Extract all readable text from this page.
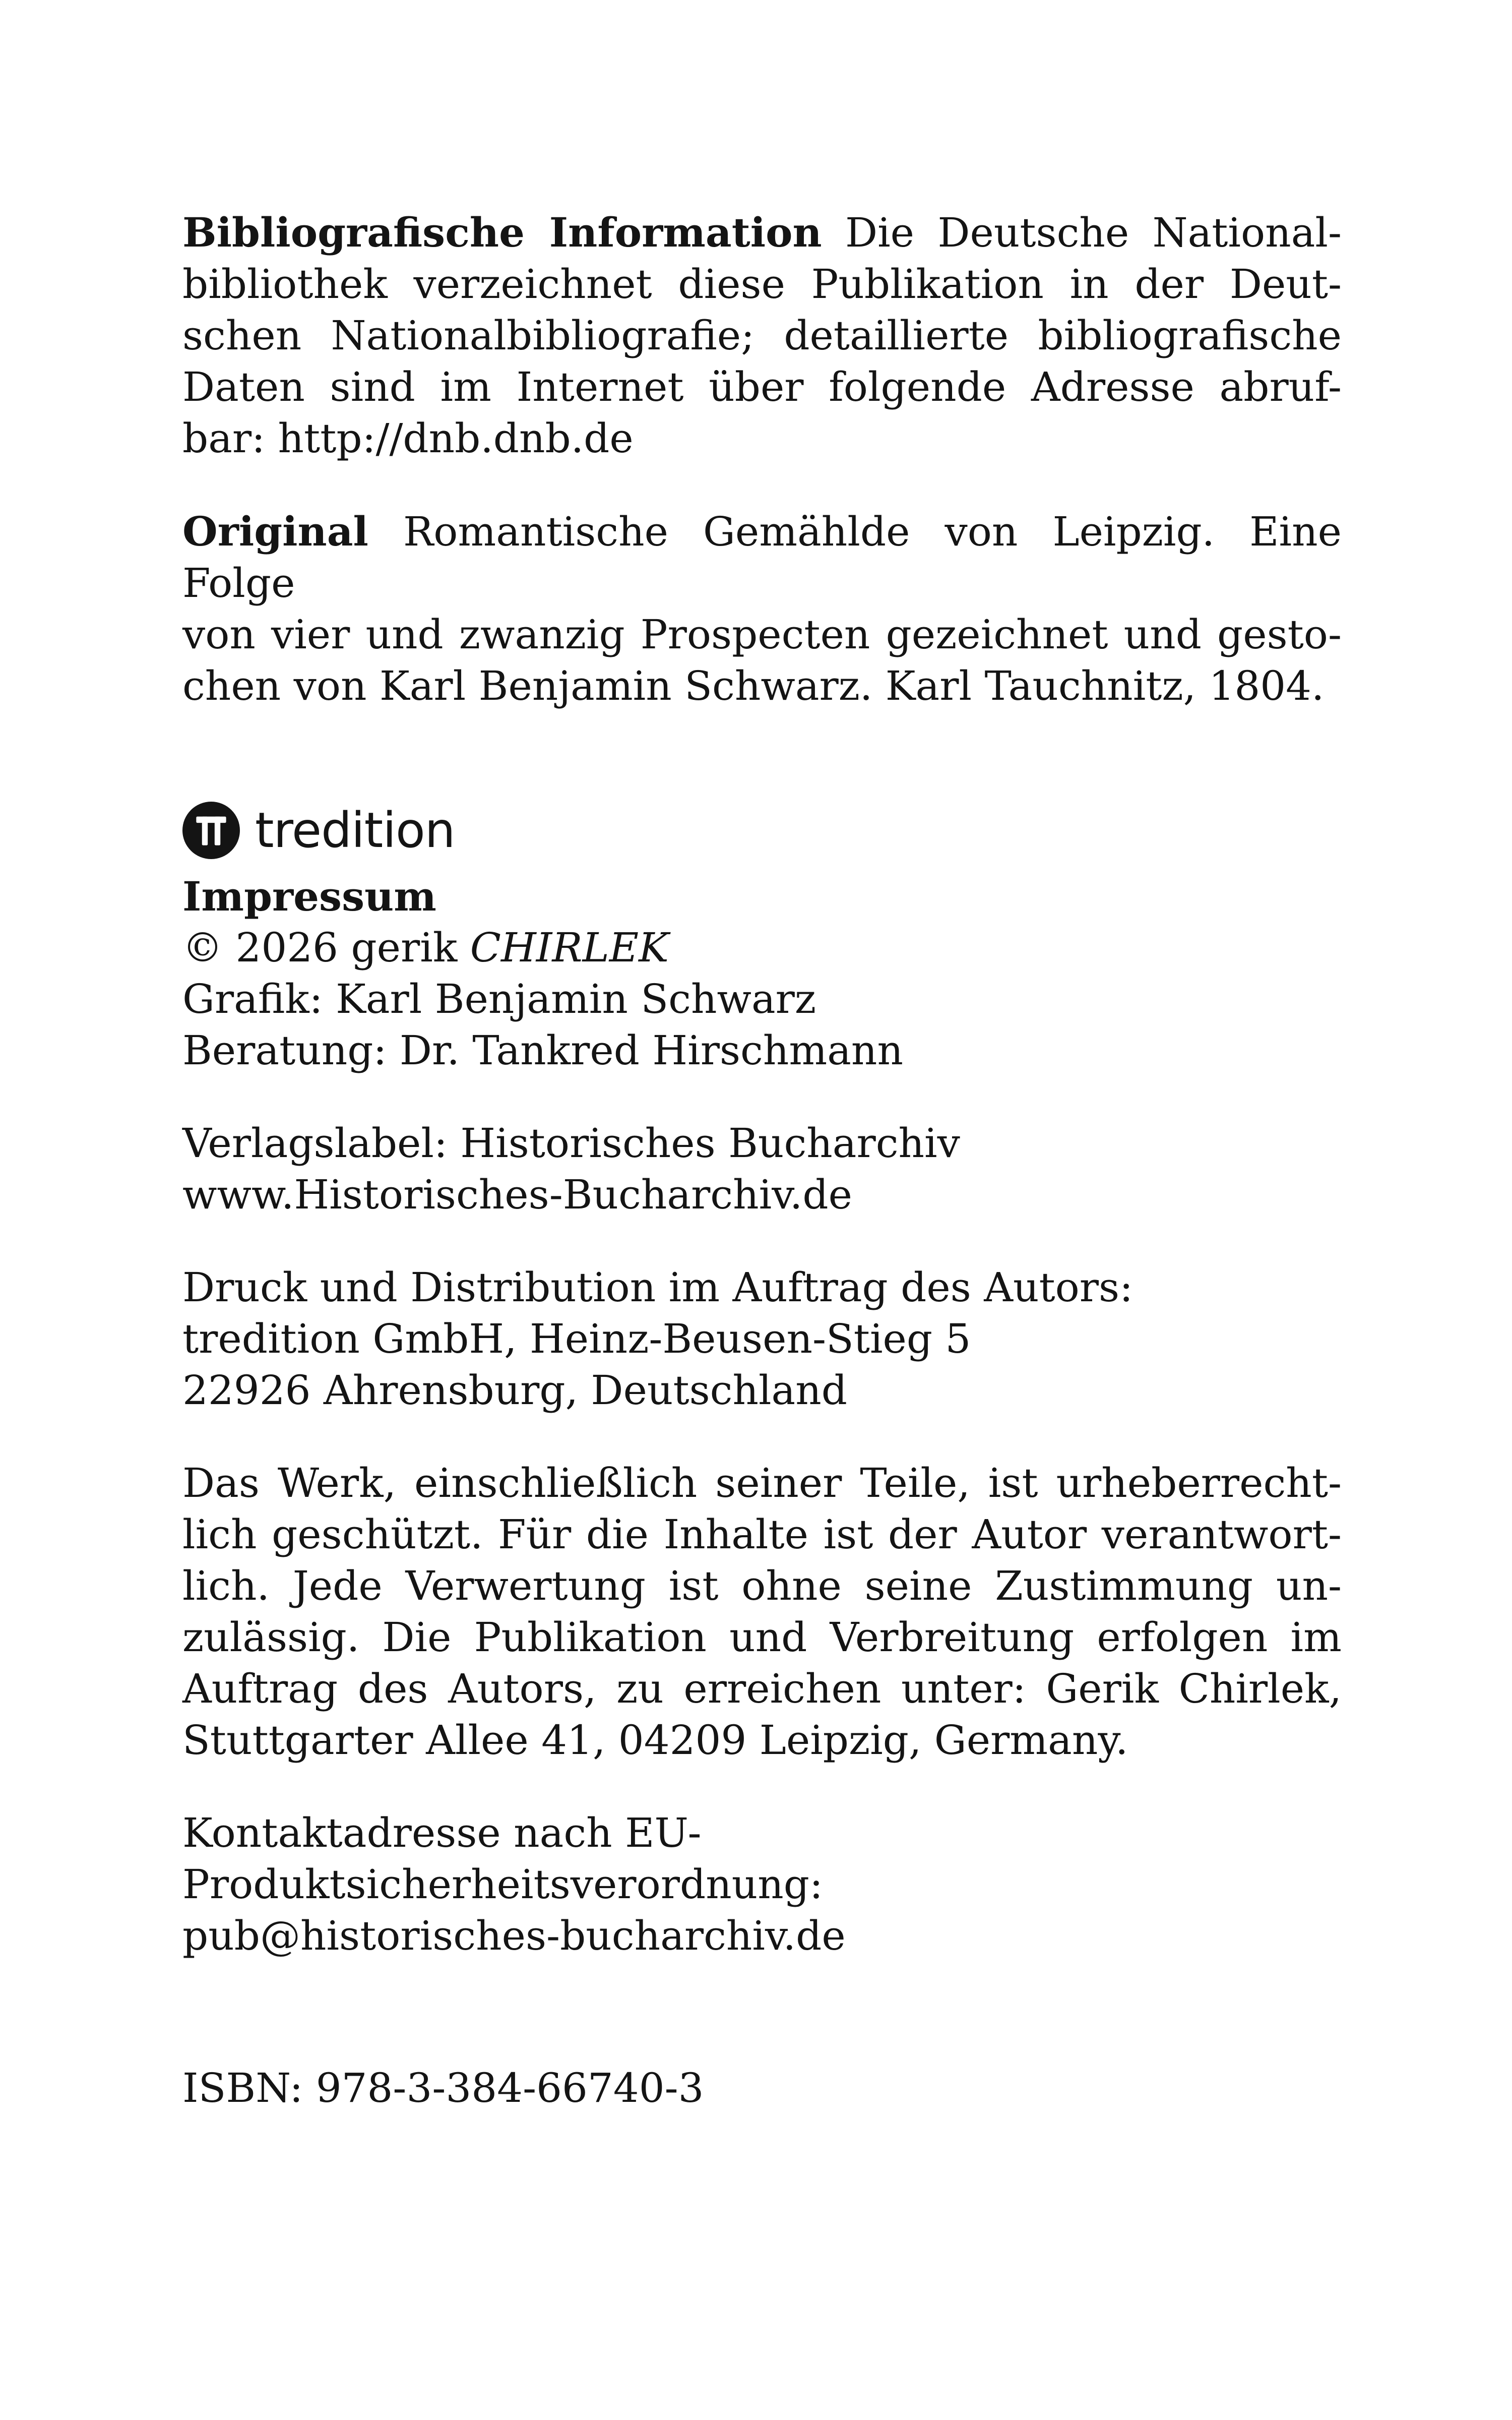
Bibliografische Information Die Deutsche National-

bibliothek verzeichnet diese Publikation in der Deut-

schen Nationalbibliografie; detaillierte bibliografische

Daten sind im Internet über folgende Adresse abruf-

bar: http://dnb.dnb.de

Original Romantische Gemählde von Leipzig. Eine Folge

von vier und zwanzig Prospecten gezeichnet und gesto-

chen von Karl Benjamin Schwarz. Karl Tauchnitz, 1804.

tredition

Impressum

© 2026 gerik CHIRLEK

Grafik: Karl Benjamin Schwarz

Beratung: Dr. Tankred Hirschmann

Verlagslabel: Historisches Bucharchiv

www.Historisches-Bucharchiv.de

Druck und Distribution im Auftrag des Autors:

tredition GmbH, Heinz-Beusen-Stieg 5

22926 Ahrensburg, Deutschland

Das Werk, einschließlich seiner Teile, ist urheberrecht-

lich geschützt. Für die Inhalte ist der Autor verantwort-

lich. Jede Verwertung ist ohne seine Zustimmung un-

zulässig. Die Publikation und Verbreitung erfolgen im

Auftrag des Autors, zu erreichen unter: Gerik Chirlek,

Stuttgarter Allee 41, 04209 Leipzig, Germany.

Kontaktadresse nach EU-Produktsicherheitsverordnung:

pub@historisches-bucharchiv.de

ISBN: 978-3-384-66740-3
